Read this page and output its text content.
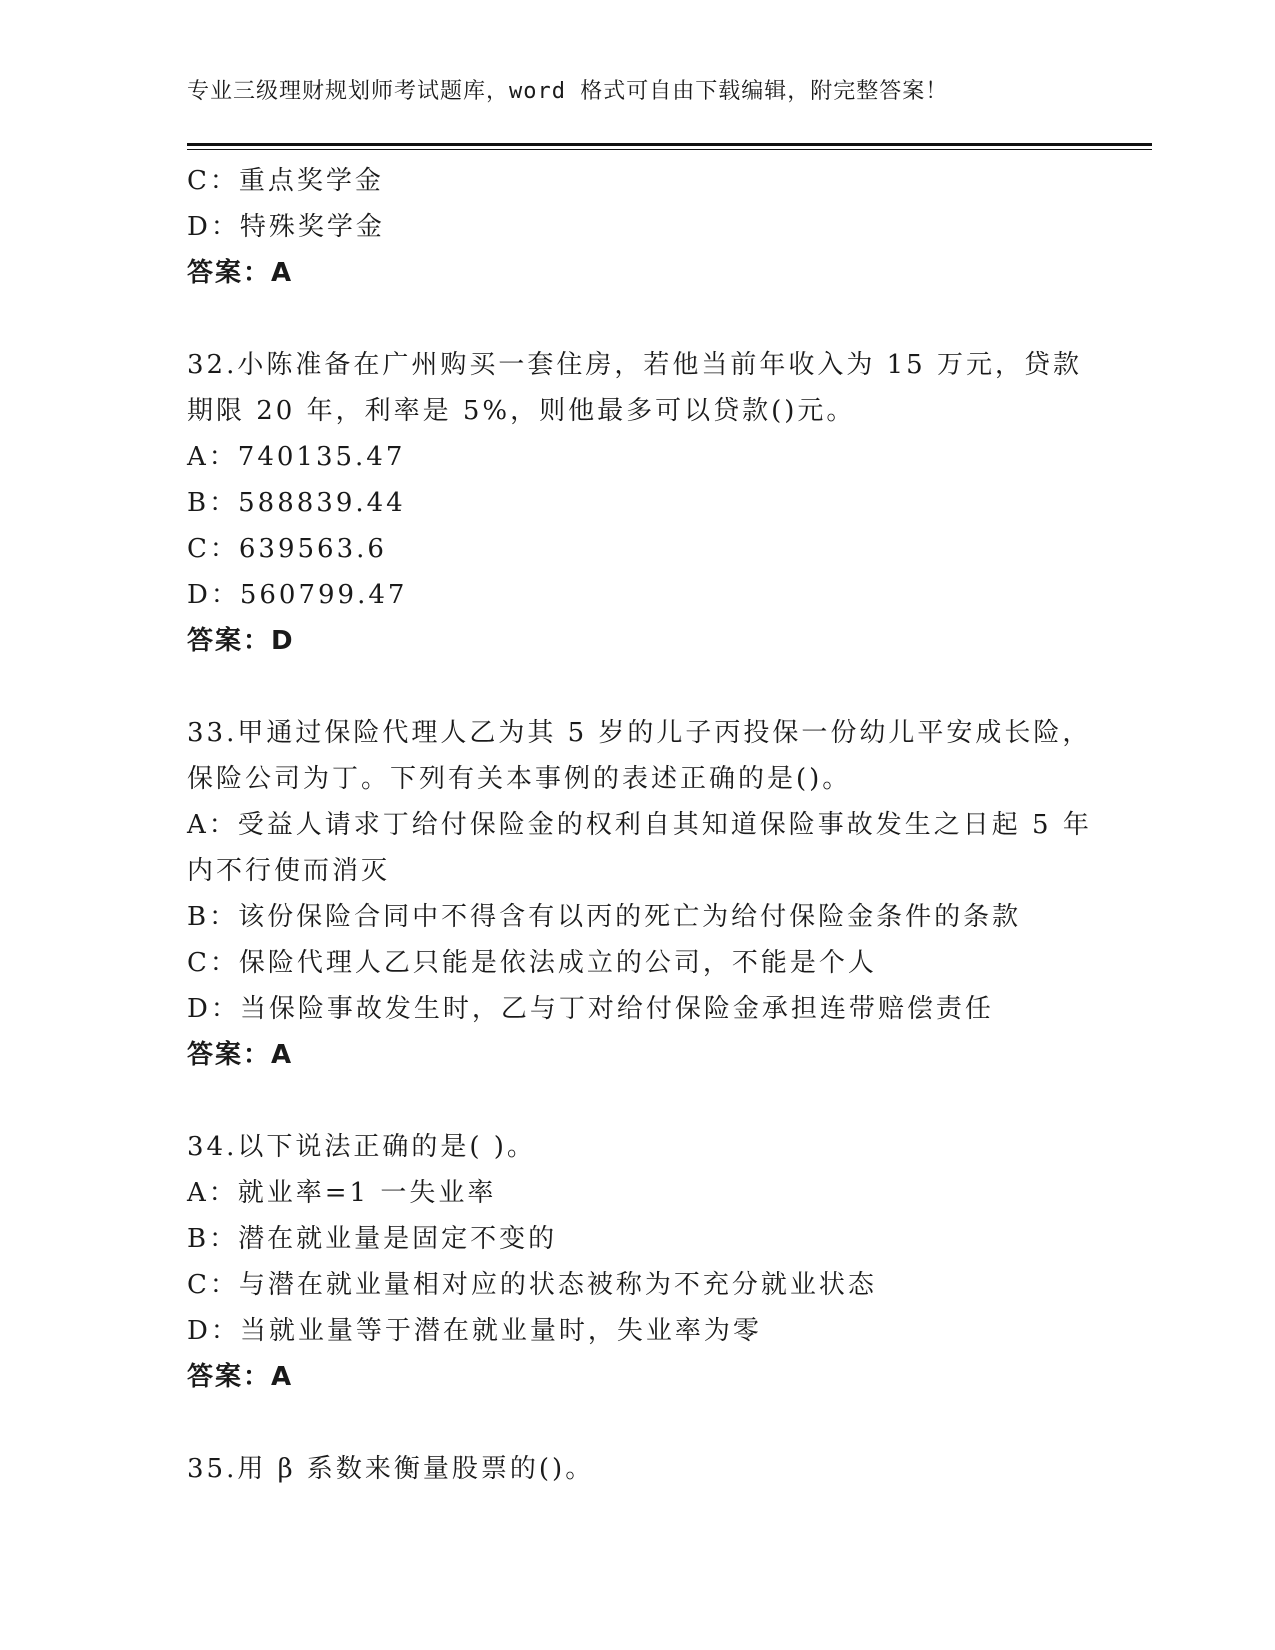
专业三级理财规划师考试题库，word 格式可自由下载编辑，附完整答案！
C：重点奖学金
D：特殊奖学金
答案：A
32.小陈准备在广州购买一套住房，若他当前年收入为 15 万元，贷款
期限 20 年，利率是 5%，则他最多可以贷款()元。
A：740135.47
B：588839.44
C：639563.6
D：560799.47
答案：D
33.甲通过保险代理人乙为其 5 岁的儿子丙投保一份幼儿平安成长险，
保险公司为丁。下列有关本事例的表述正确的是()。
A：受益人请求丁给付保险金的权利自其知道保险事故发生之日起 5 年
内不行使而消灭
B：该份保险合同中不得含有以丙的死亡为给付保险金条件的条款
C：保险代理人乙只能是依法成立的公司，不能是个人
D：当保险事故发生时，乙与丁对给付保险金承担连带赔偿责任
答案：A
34.以下说法正确的是( )。
A：就业率=1 一失业率
B：潜在就业量是固定不变的
C：与潜在就业量相对应的状态被称为不充分就业状态
D：当就业量等于潜在就业量时，失业率为零
答案：A
35.用 β 系数来衡量股票的()。
